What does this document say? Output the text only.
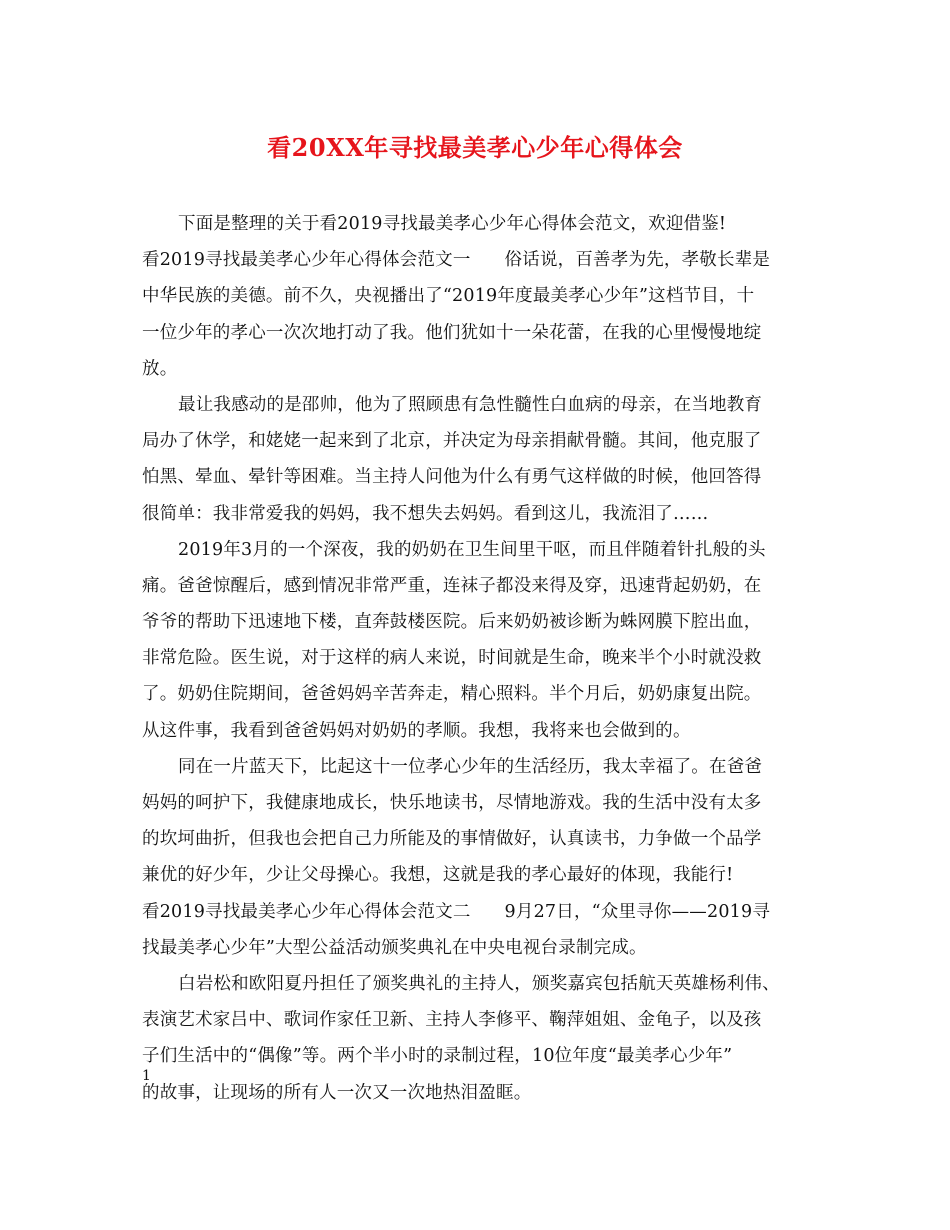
看20XX年寻找最美孝心少年心得体会
下面是整理的关于看2019寻找最美孝心少年心得体会范文，欢迎借鉴!
看2019寻找最美孝心少年心得体会范文一 俗话说，百善孝为先，孝敬长辈是
中华民族的美德。前不久，央视播出了“2019年度最美孝心少年”这档节目，十
一位少年的孝心一次次地打动了我。他们犹如十一朵花蕾，在我的心里慢慢地绽
放。
最让我感动的是邵帅，他为了照顾患有急性髓性白血病的母亲，在当地教育
局办了休学，和姥姥一起来到了北京，并决定为母亲捐献骨髓。其间，他克服了
怕黑、晕血、晕针等困难。当主持人问他为什么有勇气这样做的时候，他回答得
很简单：我非常爱我的妈妈，我不想失去妈妈。看到这儿，我流泪了……
2019年3月的一个深夜，我的奶奶在卫生间里干呕，而且伴随着针扎般的头
痛。爸爸惊醒后，感到情况非常严重，连袜子都没来得及穿，迅速背起奶奶，在
爷爷的帮助下迅速地下楼，直奔鼓楼医院。后来奶奶被诊断为蛛网膜下腔出血，
非常危险。医生说，对于这样的病人来说，时间就是生命，晚来半个小时就没救
了。奶奶住院期间，爸爸妈妈辛苦奔走，精心照料。半个月后，奶奶康复出院。
从这件事，我看到爸爸妈妈对奶奶的孝顺。我想，我将来也会做到的。
同在一片蓝天下，比起这十一位孝心少年的生活经历，我太幸福了。在爸爸
妈妈的呵护下，我健康地成长，快乐地读书，尽情地游戏。我的生活中没有太多
的坎坷曲折，但我也会把自己力所能及的事情做好，认真读书，力争做一个品学
兼优的好少年，少让父母操心。我想，这就是我的孝心最好的体现，我能行!
看2019寻找最美孝心少年心得体会范文二 9月27日，“众里寻你——2019寻
找最美孝心少年”大型公益活动颁奖典礼在中央电视台录制完成。
白岩松和欧阳夏丹担任了颁奖典礼的主持人，颁奖嘉宾包括航天英雄杨利伟、
表演艺术家吕中、歌词作家任卫新、主持人李修平、鞠萍姐姐、金龟子，以及孩
子们生活中的“偶像”等。两个半小时的录制过程，10位年度“最美孝心少年”
的故事，让现场的所有人一次又一次地热泪盈眶。
1
